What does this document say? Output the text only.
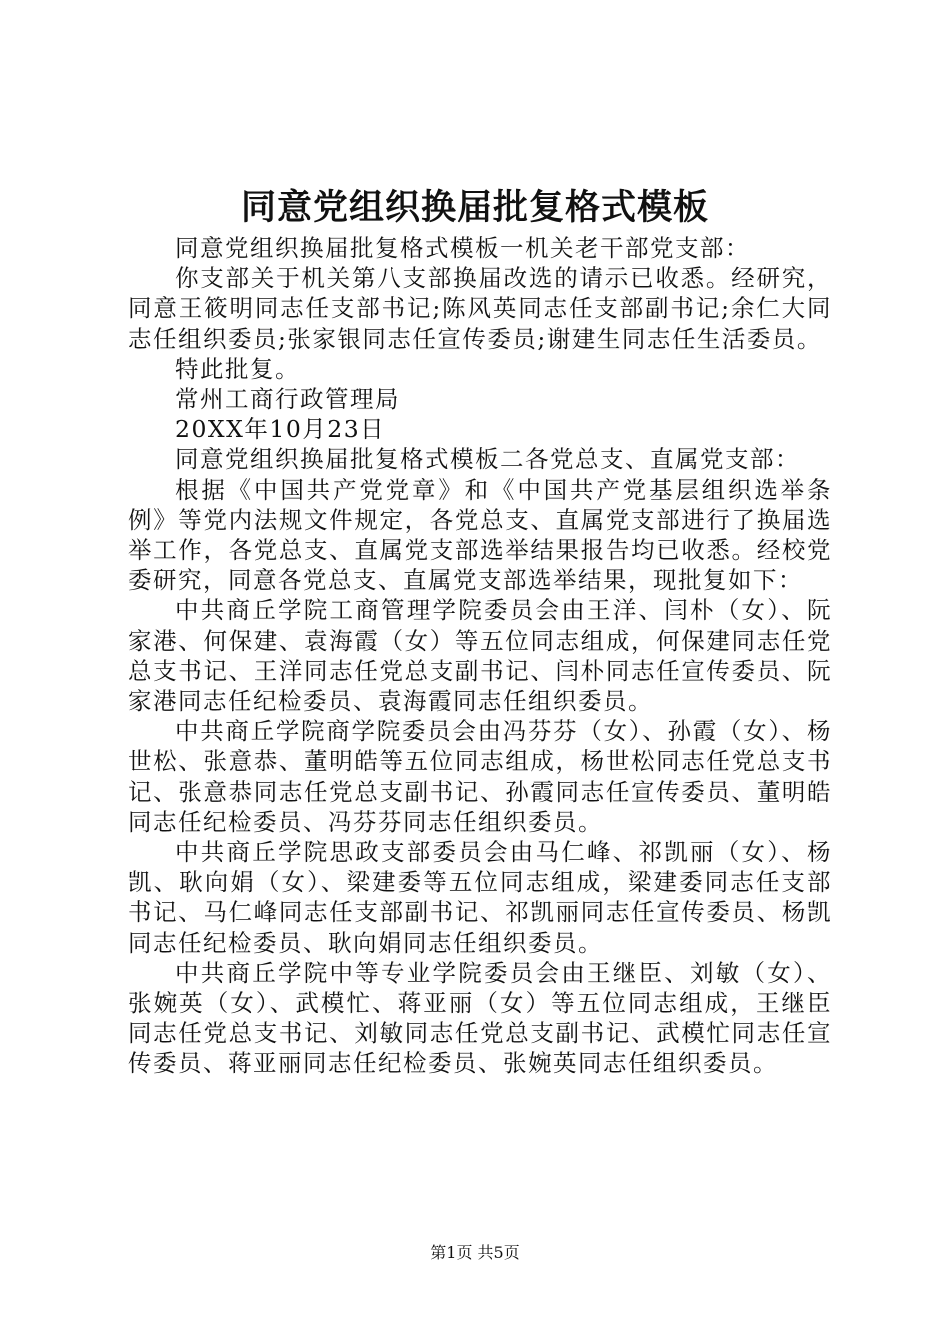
同意党组织换届批复格式模板

同意党组织换届批复格式模板一机关老干部党支部：

你支部关于机关第八支部换届改选的请示已收悉。经研究，同意王筱明同志任支部书记;陈风英同志任支部副书记;余仁大同志任组织委员;张家银同志任宣传委员;谢建生同志任生活委员。

特此批复。

常州工商行政管理局

20XX年10月23日

同意党组织换届批复格式模板二各党总支、直属党支部：

根据《中国共产党党章》和《中国共产党基层组织选举条例》等党内法规文件规定，各党总支、直属党支部进行了换届选举工作，各党总支、直属党支部选举结果报告均已收悉。经校党委研究，同意各党总支、直属党支部选举结果，现批复如下：

中共商丘学院工商管理学院委员会由王洋、闫朴（女）、阮家港、何保建、袁海霞（女）等五位同志组成，何保建同志任党总支书记、王洋同志任党总支副书记、闫朴同志任宣传委员、阮家港同志任纪检委员、袁海霞同志任组织委员。

中共商丘学院商学院委员会由冯芬芬（女）、孙霞（女）、杨世松、张意恭、董明皓等五位同志组成，杨世松同志任党总支书记、张意恭同志任党总支副书记、孙霞同志任宣传委员、董明皓同志任纪检委员、冯芬芬同志任组织委员。

中共商丘学院思政支部委员会由马仁峰、祁凯丽（女）、杨凯、耿向娟（女）、梁建委等五位同志组成，梁建委同志任支部书记、马仁峰同志任支部副书记、祁凯丽同志任宣传委员、杨凯同志任纪检委员、耿向娟同志任组织委员。

中共商丘学院中等专业学院委员会由王继臣、刘敏（女）、张婉英（女）、武模忙、蒋亚丽（女）等五位同志组成，王继臣同志任党总支书记、刘敏同志任党总支副书记、武模忙同志任宣传委员、蒋亚丽同志任纪检委员、张婉英同志任组织委员。

第1页 共5页
